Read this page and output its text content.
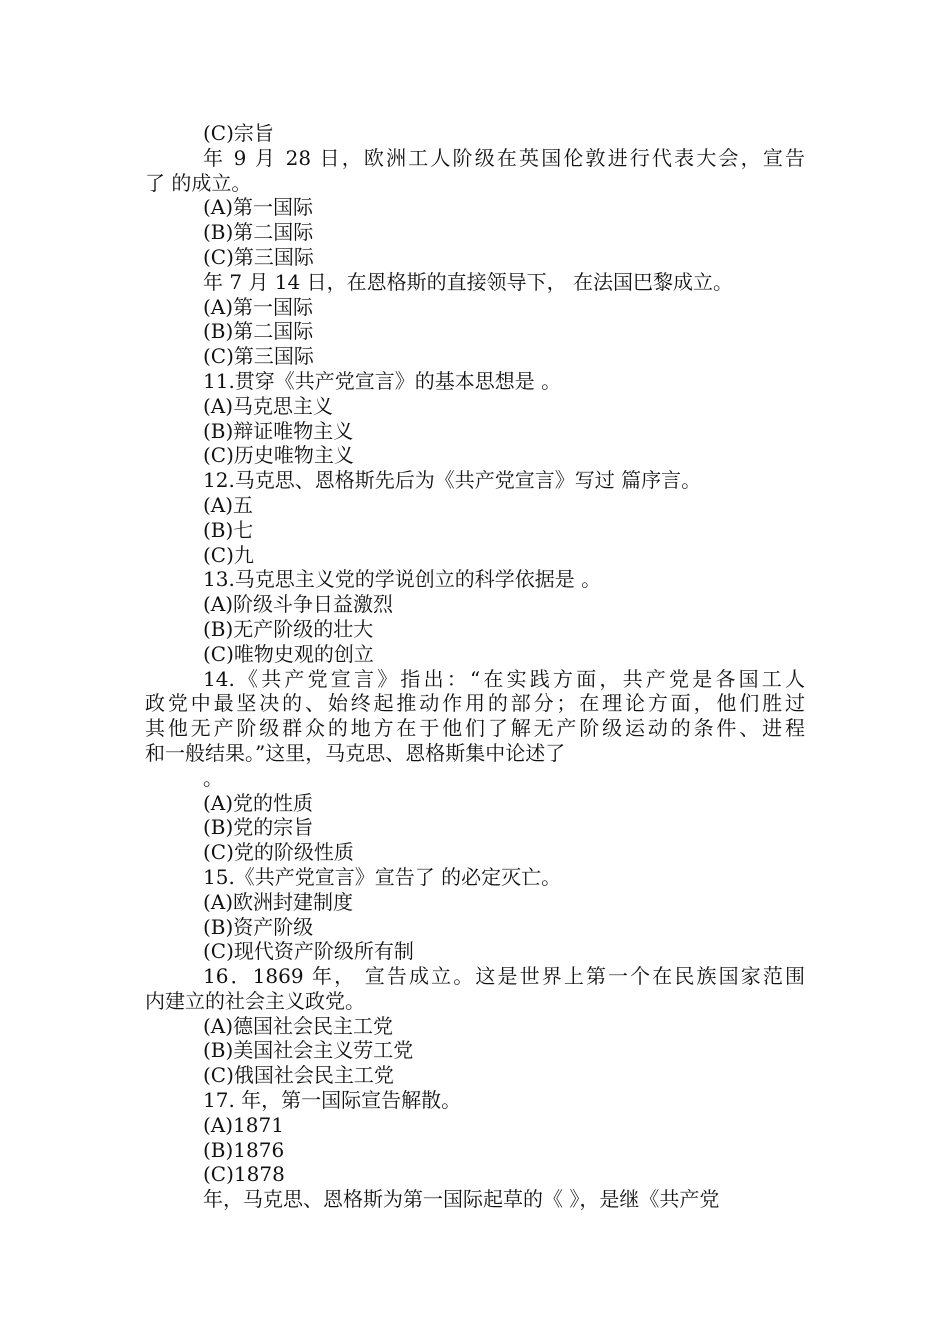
(C)宗旨
年 9 月 28 日，欧洲工人阶级在英国伦敦进行代表大会，宣告
了 的成立。
(A)第一国际
(B)第二国际
(C)第三国际
年 7 月 14 日，在恩格斯的直接领导下， 在法国巴黎成立。
(A)第一国际
(B)第二国际
(C)第三国际
11.贯穿《共产党宣言》的基本思想是 。
(A)马克思主义
(B)辩证唯物主义
(C)历史唯物主义
12.马克思、恩格斯先后为《共产党宣言》写过 篇序言。
(A)五
(B)七
(C)九
13.马克思主义党的学说创立的科学依据是 。
(A)阶级斗争日益激烈
(B)无产阶级的壮大
(C)唯物史观的创立
14.《共产党宣言》指出：“在实践方面，共产党是各国工人
政党中最坚决的、始终起推动作用的部分；在理论方面，他们胜过
其他无产阶级群众的地方在于他们了解无产阶级运动的条件、进程
和一般结果。”这里，马克思、恩格斯集中论述了
。
(A)党的性质
(B)党的宗旨
(C)党的阶级性质
15.《共产党宣言》宣告了 的必定灭亡。
(A)欧洲封建制度
(B)资产阶级
(C)现代资产阶级所有制
16．1869 年， 宣告成立。这是世界上第一个在民族国家范围
内建立的社会主义政党。
(A)德国社会民主工党
(B)美国社会主义劳工党
(C)俄国社会民主工党
17. 年，第一国际宣告解散。
(A)1871
(B)1876
(C)1878
年，马克思、恩格斯为第一国际起草的《 》，是继《共产党
